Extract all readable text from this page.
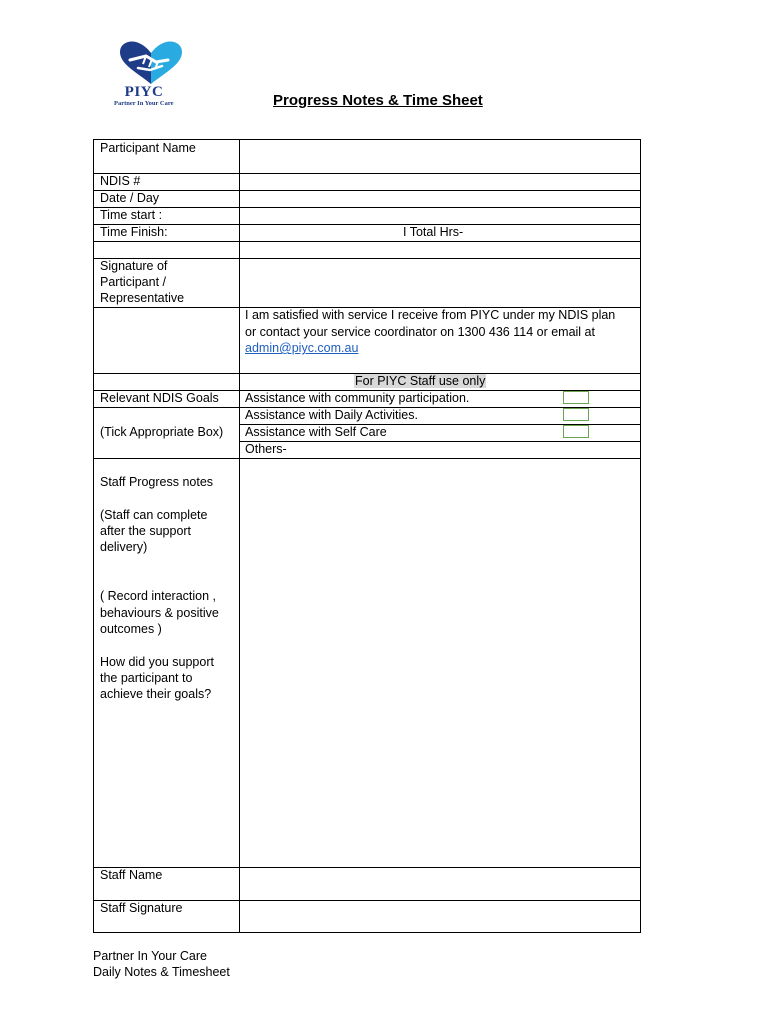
PIYC
Partner In Your Care	Progress Notes & Time Sheet
Participant Name
NDIS #
Date / Day
Time start :
Time Finish:	I Total Hrs-
Signature of
Participant /
Representative
I am satisfied with service I receive from PIYC under my NDIS plan
or contact your service coordinator on 1300 436 114 or email at
admin@piyc.com.au
For PIYC Staff use only
Relevant NDIS Goals Assistance with community participation.
Assistance with Daily Activities.
(Tick Appropriate Box) Assistance with Self Care
Others-
Staff Progress notes
(Staff can complete
after the support
delivery)
( Record interaction ,
behaviours & positive
outcomes )
How did you support
the participant to
achieve their goals?
Staff Name
Staff Signature
Partner In Your Care
Daily Notes & Timesheet
